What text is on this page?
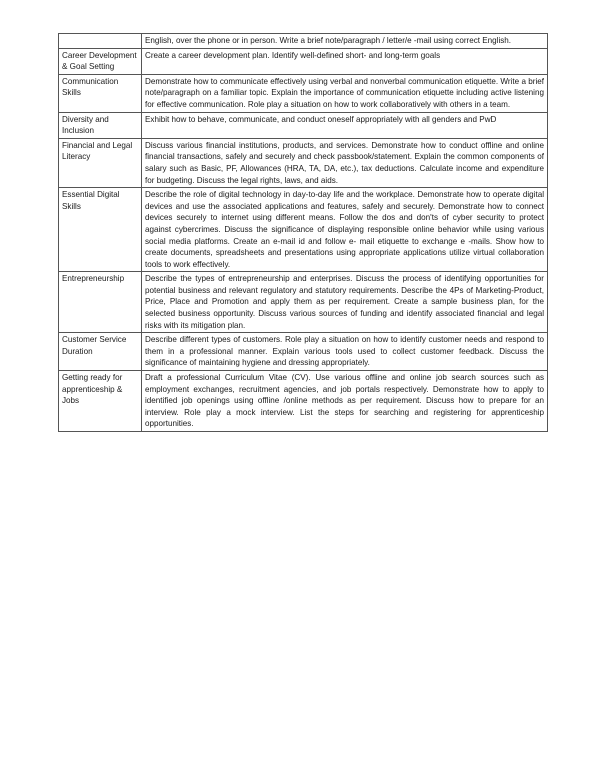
	English, over the phone or in person. Write a brief note/paragraph / letter/e -mail using correct English.
Career Development & Goal Setting	Create a career development plan. Identify well-defined short- and long-term goals
Communication Skills	Demonstrate how to communicate effectively using verbal and nonverbal communication etiquette. Write a brief note/paragraph on a familiar topic. Explain the importance of communication etiquette including active listening for effective communication. Role play a situation on how to work collaboratively with others in a team.
Diversity and Inclusion	Exhibit how to behave, communicate, and conduct oneself appropriately with all genders and PwD
Financial and Legal Literacy	Discuss various financial institutions, products, and services. Demonstrate how to conduct offline and online financial transactions, safely and securely and check passbook/statement. Explain the common components of salary such as Basic, PF, Allowances (HRA, TA, DA, etc.), tax deductions. Calculate income and expenditure for budgeting. Discuss the legal rights, laws, and aids.
Essential Digital Skills	Describe the role of digital technology in day-to-day life and the workplace. Demonstrate how to operate digital devices and use the associated applications and features, safely and securely. Demonstrate how to connect devices securely to internet using different means. Follow the dos and don'ts of cyber security to protect against cybercrimes. Discuss the significance of displaying responsible online behavior while using various social media platforms. Create an e-mail id and follow e- mail etiquette to exchange e -mails. Show how to create documents, spreadsheets and presentations using appropriate applications utilize virtual collaboration tools to work effectively.
Entrepreneurship	Describe the types of entrepreneurship and enterprises. Discuss the process of identifying opportunities for potential business and relevant regulatory and statutory requirements. Describe the 4Ps of Marketing-Product, Price, Place and Promotion and apply them as per requirement. Create a sample business plan, for the selected business opportunity. Discuss various sources of funding and identify associated financial and legal risks with its mitigation plan.
Customer Service Duration	Describe different types of customers. Role play a situation on how to identify customer needs and respond to them in a professional manner. Explain various tools used to collect customer feedback. Discuss the significance of maintaining hygiene and dressing appropriately.
Getting ready for apprenticeship & Jobs	Draft a professional Curriculum Vitae (CV). Use various offline and online job search sources such as employment exchanges, recruitment agencies, and job portals respectively. Demonstrate how to apply to identified job openings using offline /online methods as per requirement. Discuss how to prepare for an interview. Role play a mock interview. List the steps for searching and registering for apprenticeship opportunities.
